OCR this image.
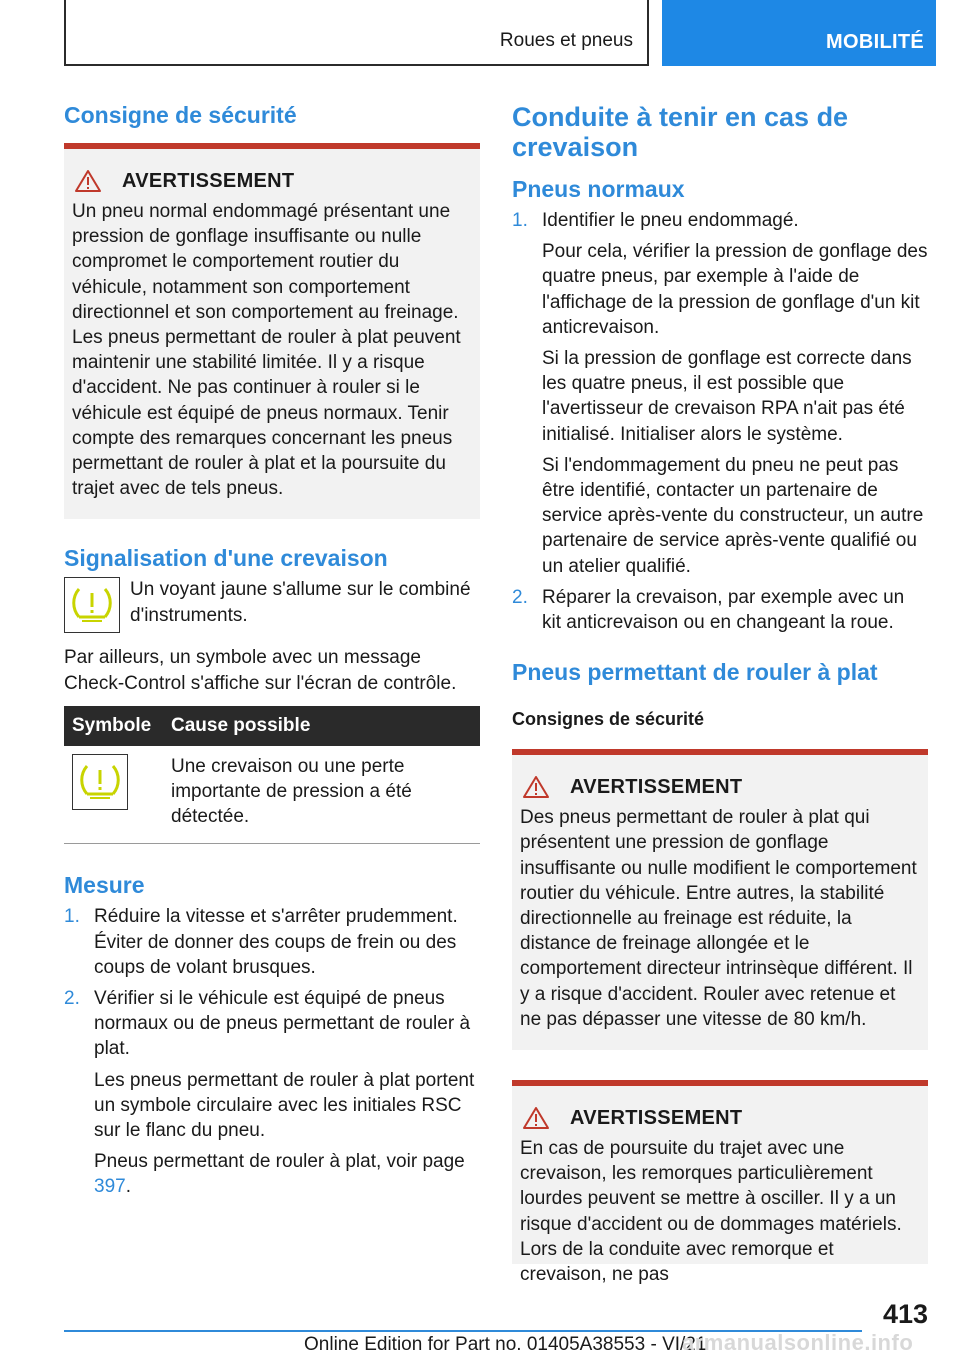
Roues et pneus	MOBILITÉ
Consigne de sécurité
AVERTISSEMENT

Un pneu normal endommagé présentant une pression de gonflage insuffisante ou nulle compromet le comportement routier du véhicule, notamment son comportement directionnel et son comportement au freinage. Les pneus permettant de rouler à plat peuvent maintenir une stabilité limitée. Il y a risque d'accident. Ne pas continuer à rouler si le véhicule est équipé de pneus normaux. Tenir compte des remarques concernant les pneus permettant de rouler à plat et la poursuite du trajet avec de tels pneus.

Signalisation d'une crevaison

Un voyant jaune s'allume sur le combiné d'instruments.

Par ailleurs, un symbole avec un message Check-Control s'affiche sur l'écran de contrôle.

Symbole	Cause possible

	Une crevaison ou une perte importante de pression a été détectée.
Mesure
1. Réduire la vitesse et s'arrêter prudemment. Éviter de donner des coups de frein ou des coups de volant brusques.
2. Vérifier si le véhicule est équipé de pneus normaux ou de pneus permettant de rouler à plat.

Les pneus permettant de rouler à plat portent un symbole circulaire avec les initiales RSC sur le flanc du pneu.

Pneus permettant de rouler à plat, voir page 397.

Conduite à tenir en cas de crevaison
Pneus normaux
1. Identifier le pneu endommagé.

Pour cela, vérifier la pression de gonflage des quatre pneus, par exemple à l'aide de l'affichage de la pression de gonflage d'un kit anticrevaison.

Si la pression de gonflage est correcte dans les quatre pneus, il est possible que l'avertisseur de crevaison RPA n'ait pas été initialisé. Initialiser alors le système.

Si l'endommagement du pneu ne peut pas être identifié, contacter un partenaire de service après-vente du constructeur, un autre partenaire de service après-vente qualifié ou un atelier qualifié.

2. Réparer la crevaison, par exemple avec un kit anticrevaison ou en changeant la roue.
Pneus permettant de rouler à plat
Consignes de sécurité
AVERTISSEMENT

Des pneus permettant de rouler à plat qui présentent une pression de gonflage insuffisante ou nulle modifient le comportement routier du véhicule. Entre autres, la stabilité directionnelle au freinage est réduite, la distance de freinage allongée et le comportement directeur intrinsèque différent. Il y a risque d'accident. Rouler avec retenue et ne pas dépasser une vitesse de 80 km/h.

AVERTISSEMENT

En cas de poursuite du trajet avec une crevaison, les remorques particulièrement lourdes peuvent se mettre à osciller. Il y a un risque d'accident ou de dommages matériels. Lors de la conduite avec remorque et crevaison, ne pas

413
Online Edition for Part no. 01405A38553 - VI/21
armanualsonline.info
